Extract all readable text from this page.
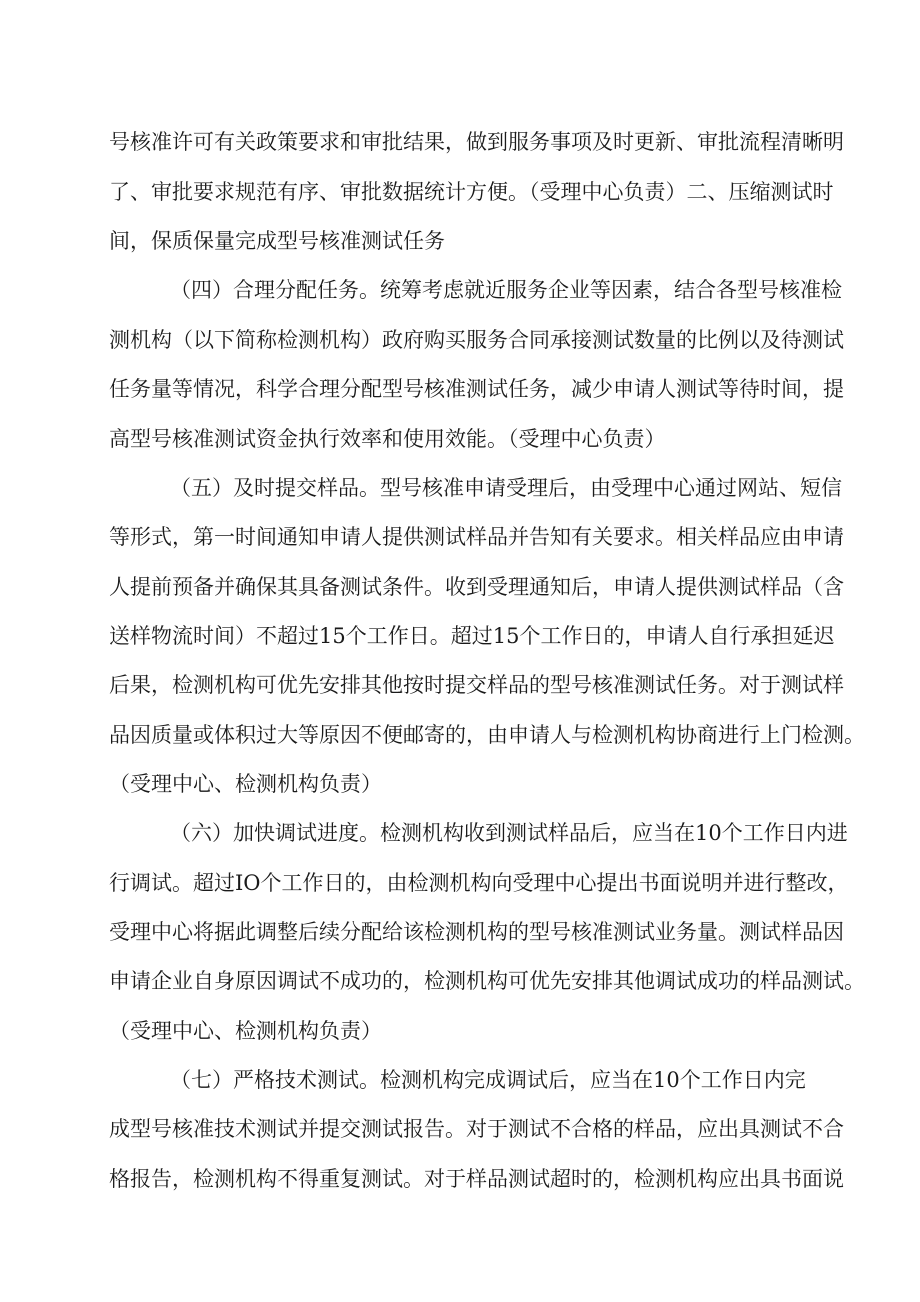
号核准许可有关政策要求和审批结果，做到服务事项及时更新、审批流程清晰明
了、审批要求规范有序、审批数据统计方便。（受理中心负责）二、压缩测试时
间，保质保量完成型号核准测试任务
（四）合理分配任务。统筹考虑就近服务企业等因素，结合各型号核准检
测机构（以下简称检测机构）政府购买服务合同承接测试数量的比例以及待测试
任务量等情况，科学合理分配型号核准测试任务，减少申请人测试等待时间，提
高型号核准测试资金执行效率和使用效能。（受理中心负责）
（五）及时提交样品。型号核准申请受理后，由受理中心通过网站、短信
等形式，第一时间通知申请人提供测试样品并告知有关要求。相关样品应由申请
人提前预备并确保其具备测试条件。收到受理通知后，申请人提供测试样品（含
送样物流时间）不超过15个工作日。超过15个工作日的，申请人自行承担延迟
后果，检测机构可优先安排其他按时提交样品的型号核准测试任务。对于测试样
品因质量或体积过大等原因不便邮寄的，由申请人与检测机构协商进行上门检测。
（受理中心、检测机构负责）
（六）加快调试进度。检测机构收到测试样品后，应当在10个工作日内进
行调试。超过IO个工作日的，由检测机构向受理中心提出书面说明并进行整改，
受理中心将据此调整后续分配给该检测机构的型号核准测试业务量。测试样品因
申请企业自身原因调试不成功的，检测机构可优先安排其他调试成功的样品测试。
（受理中心、检测机构负责）
（七）严格技术测试。检测机构完成调试后，应当在10个工作日内完
成型号核准技术测试并提交测试报告。对于测试不合格的样品，应出具测试不合
格报告，检测机构不得重复测试。对于样品测试超时的，检测机构应出具书面说
